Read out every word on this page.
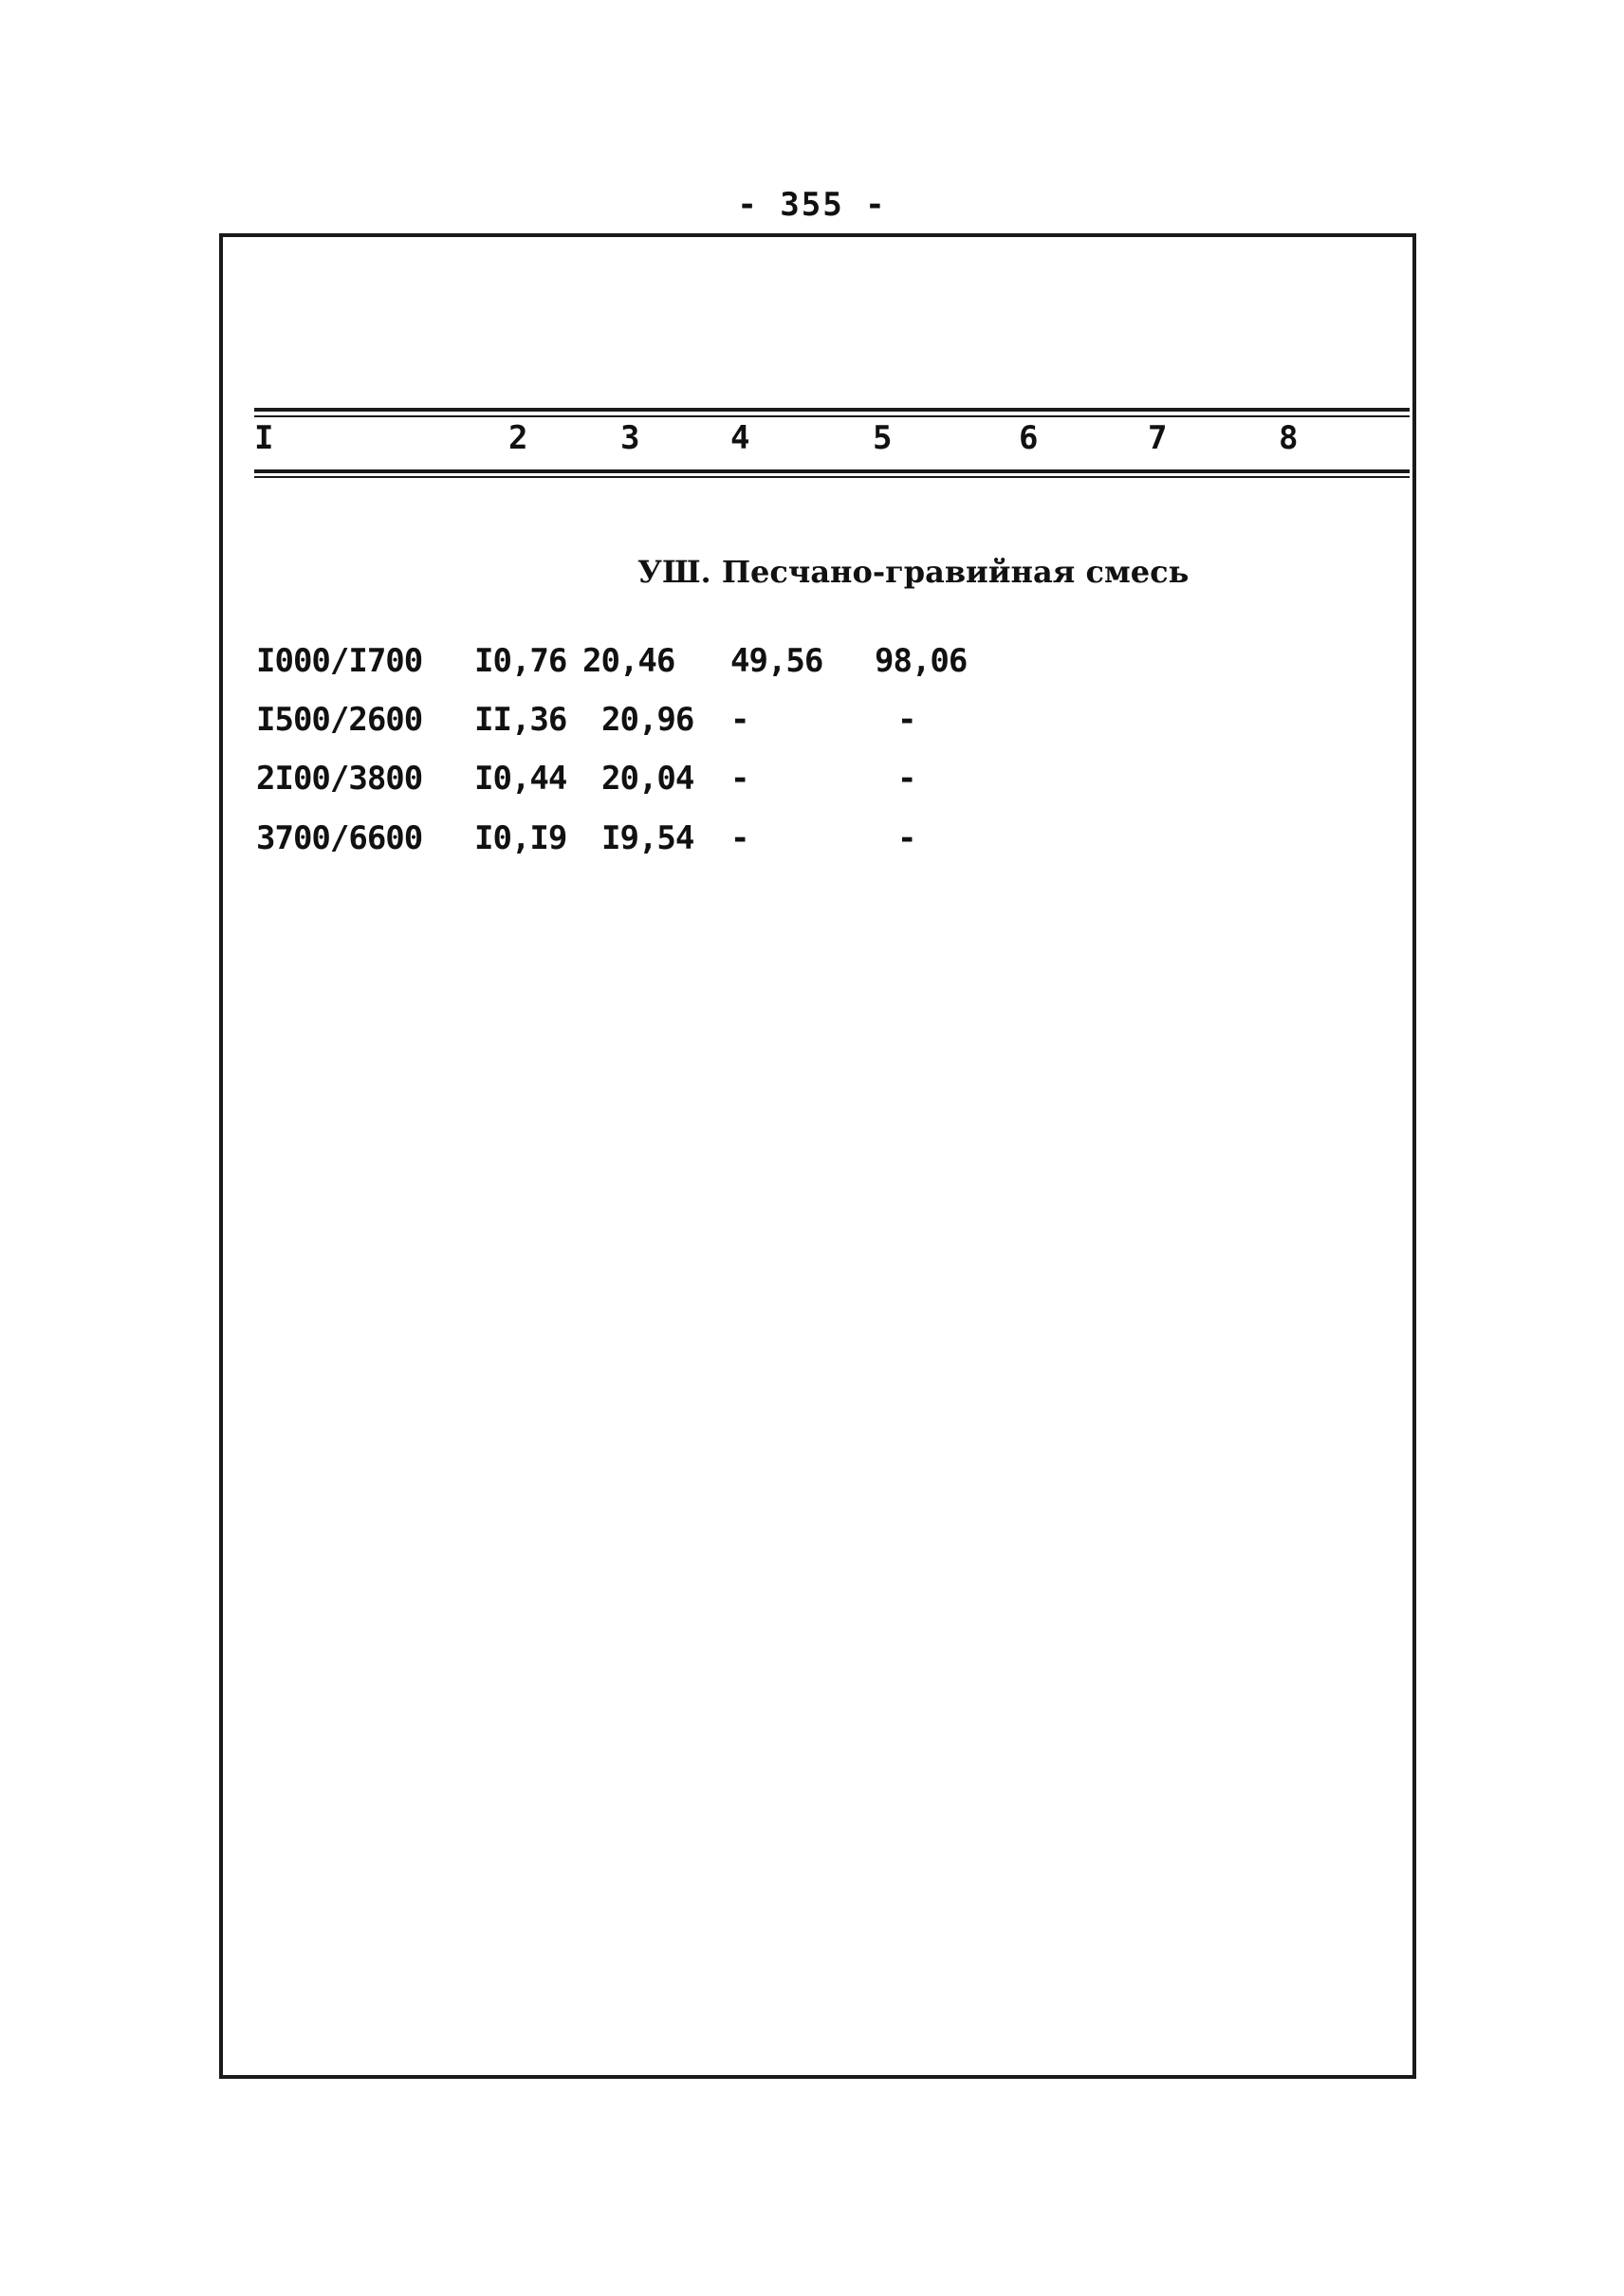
- 355 -
I	2	3	4	5	6	7	8
УШ. Песчано-гравийная смесь
I000/I700 I0,76 20,46 49,56 98,06
I500/2600 II,36 20,96 -	-
2I00/3800 I0,44 20,04 -	-
3700/6600 I0,I9 I9,54 -	-
